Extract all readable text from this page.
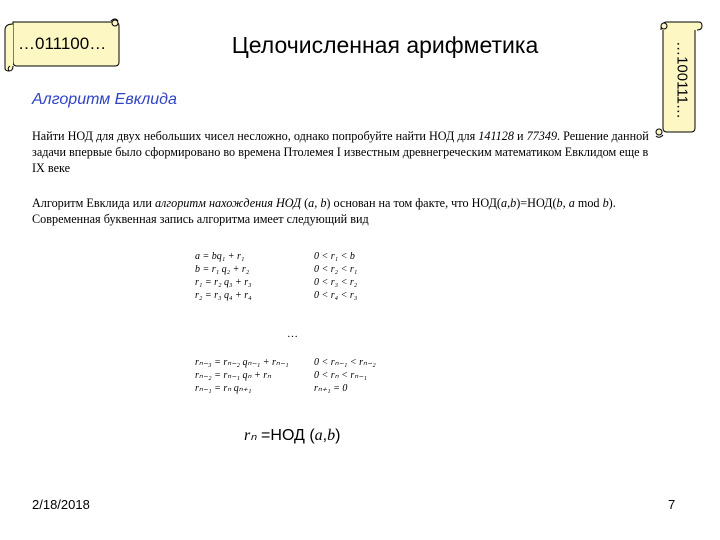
…011100…	…100111…
Целочисленная арифметика
Алгоритм Евклида
Найти НОД для двух небольших чисел несложно, однако попробуйте найти НОД для 141128 и 77349. Решение данной задачи впервые было сформировано во времена Птолемея I известным древнегреческим математиком Евклидом еще в IX веке
Алгоритм Евклида или алгоритм нахождения НОД (a, b) основан на том факте, что НОД(a,b)=НОД(b, a mod b). Современная буквенная запись алгоритма имеет следующий вид
a = bq₁ + r₁
b = r₁ q₂ + r₂
r₁ = r₂ q₃ + r₃
r₂ = r₃ q₄ + r₄
0 < r₁ < b
0 < r₂ < r₁
0 < r₃ < r₂
0 < r₄ < r₃
…
rₙ₋₃ = rₙ₋₂ qₙ₋₁ + rₙ₋₁
rₙ₋₂ = rₙ₋₁ qₙ + rₙ
rₙ₋₁ = rₙ qₙ₊₁
0 < rₙ₋₁ < rₙ₋₂
0 < rₙ < rₙ₋₁
rₙ₊₁ = 0
rₙ =НОД (a,b)
2/18/2018	7
